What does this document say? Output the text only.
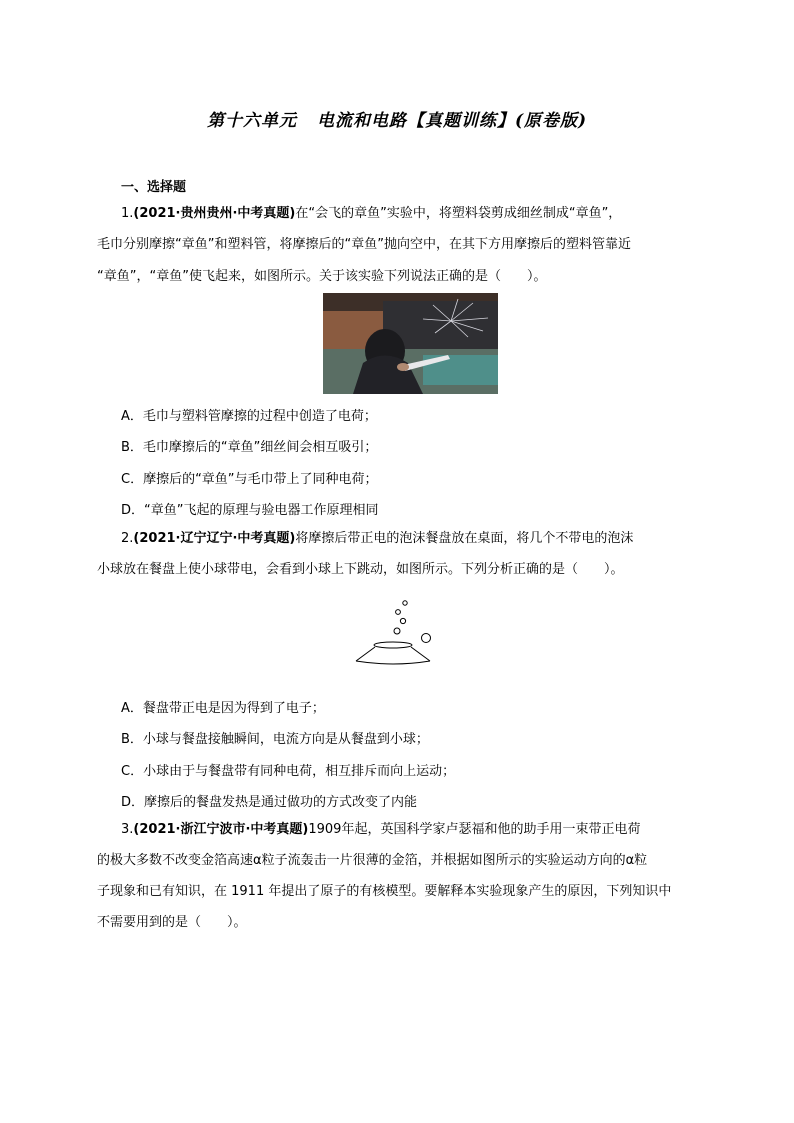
第十六单元 电流和电路【真题训练】(原卷版)
一、选择题
1.(2021·贵州贵州·中考真题)在“会飞的章鱼”实验中，将塑料袋剪成细丝制成“章鱼”，
毛巾分别摩擦“章鱼”和塑料管，将摩擦后的“章鱼”抛向空中，在其下方用摩擦后的塑料管靠近
“章鱼”，“章鱼”使飞起来，如图所示。关于该实验下列说法正确的是（　　）。
A．毛巾与塑料管摩擦的过程中创造了电荷；
B．毛巾摩擦后的“章鱼”细丝间会相互吸引；
C．摩擦后的“章鱼”与毛巾带上了同种电荷；
D．“章鱼”飞起的原理与验电器工作原理相同
2.(2021·辽宁辽宁·中考真题)将摩擦后带正电的泡沫餐盘放在桌面，将几个不带电的泡沫
小球放在餐盘上使小球带电，会看到小球上下跳动，如图所示。下列分析正确的是（　　）。
A．餐盘带正电是因为得到了电子；
B．小球与餐盘接触瞬间，电流方向是从餐盘到小球；
C．小球由于与餐盘带有同种电荷，相互排斥而向上运动；
D．摩擦后的餐盘发热是通过做功的方式改变了内能
3.(2021·浙江宁波市·中考真题)1909年起，英国科学家卢瑟福和他的助手用一束带正电荷
的极大多数不改变金箔高速α粒子流轰击一片很薄的金箔，并根据如图所示的实验运动方向的α粒
子现象和已有知识，在 1911 年提出了原子的有核模型。要解释本实验现象产生的原因，下列知识中
不需要用到的是（　　）。
